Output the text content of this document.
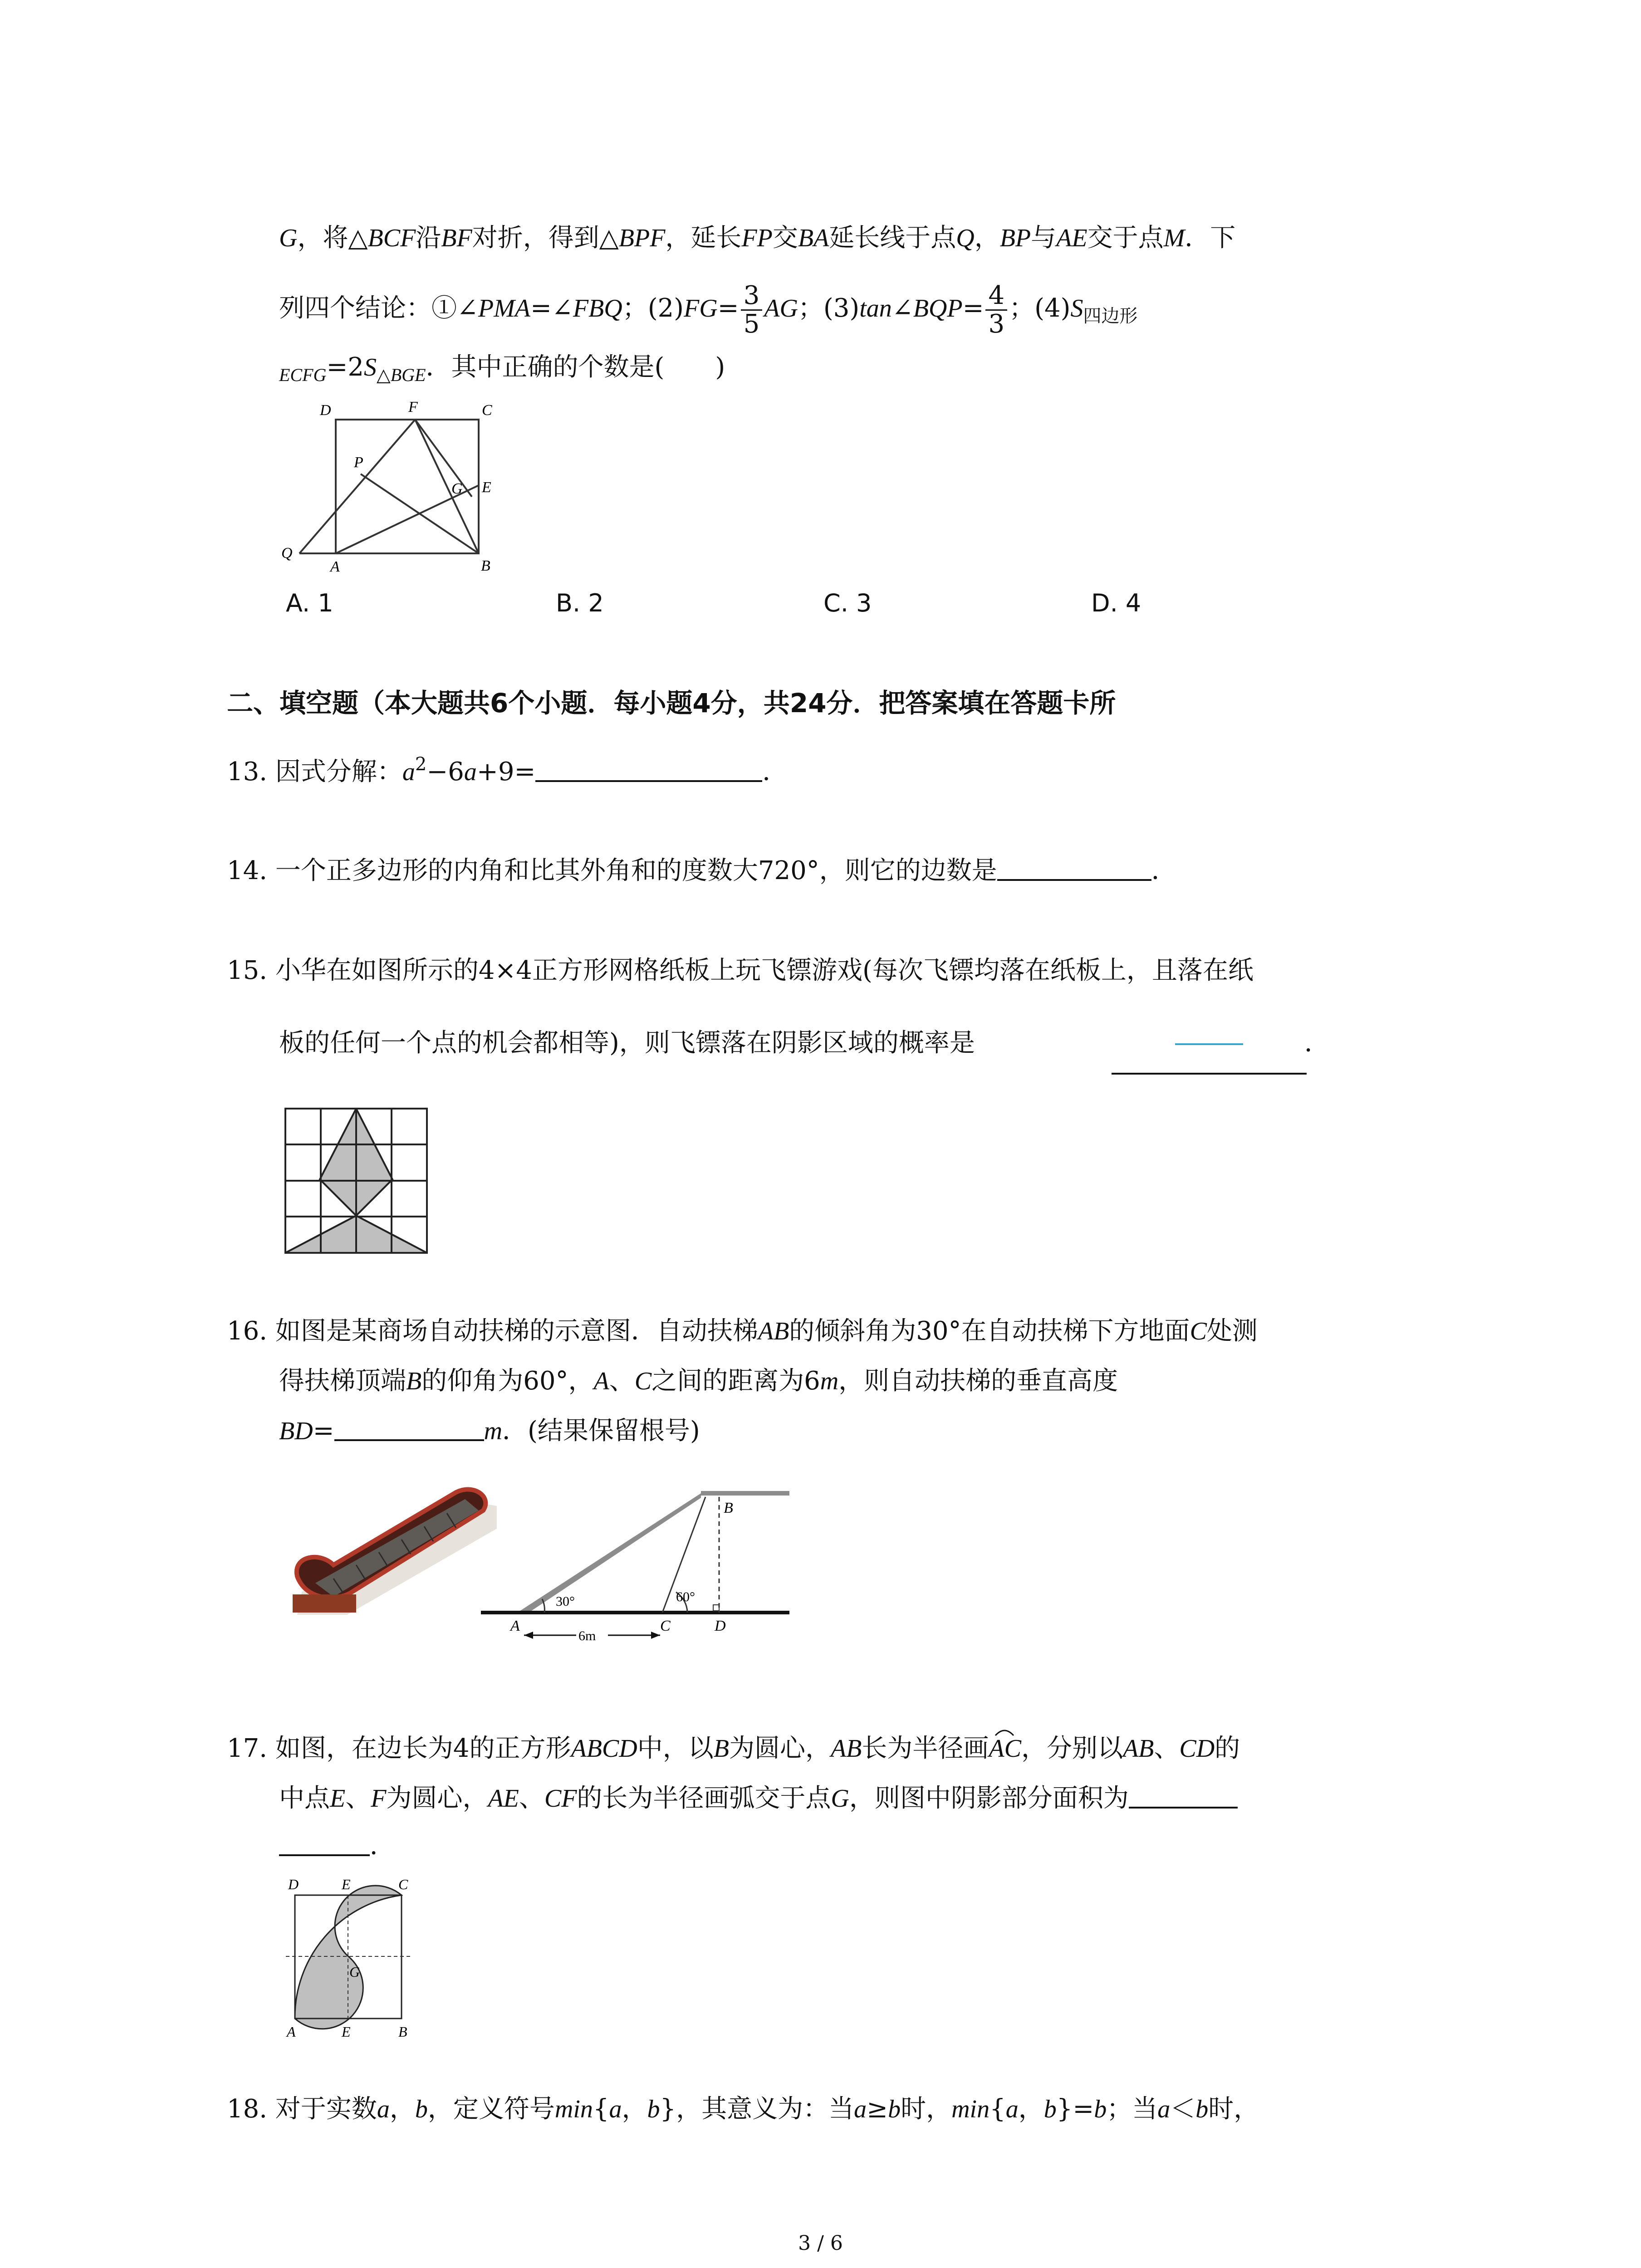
G，将△BCF沿BF对折，得到△BPF，延长FP交BA延长线于点Q，BP与AE交于点M．下
列四个结论：①∠PMA=∠FBQ；$(2)FG= \frac{3}{5}$ AG；(3)tan∠BQP= $\frac{4}{3}$ ；$(4)S_{四边形}$
$_{ECFG}=2S_{\triangle BGE}$．其中正确的个数是(　　)
D	F	C
P
G E
Q
A	B
A. 1	B. 2	C. 3	D. 4
二、填空题（本大题共6个小题．每小题4分，共24分．把答案填在答题卡所
13. 因式分解：$a^2-6a+9=$	．
14. 一个正多边形的内角和比其外角和的度数大720°，则它的边数是	．
15. 小华在如图所示的4×4正方形网格纸板上玩飞镖游戏(每次飞镖均落在纸板上，且落在纸
板的任何一个点的机会都相等)，则飞镖落在阴影区域的概率是	．
16. 如图是某商场自动扶梯的示意图．自动扶梯AB的倾斜角为30°在自动扶梯下方地面C处测
得扶梯顶端B的仰角为60°，A、C之间的距离为6m，则自动扶梯的垂直高度
BD=	m．(结果保留根号)
30°	60°
B
A	C	D
6m
17. 如图，在边长为4的正方形ABCD中，以B为圆心，AB长为半径画AC
，分别以AB、CD的
中点E、F为圆心，AE、CF的长为半径画弧交于点G，则图中阴影部分面积为
．
D	E	C
G
A	E	B
18. 对于实数a，b，定义符号min{a，b}，其意义为：当a≥b时，min{a，b}=b；当a＜b时，
3 / 6
